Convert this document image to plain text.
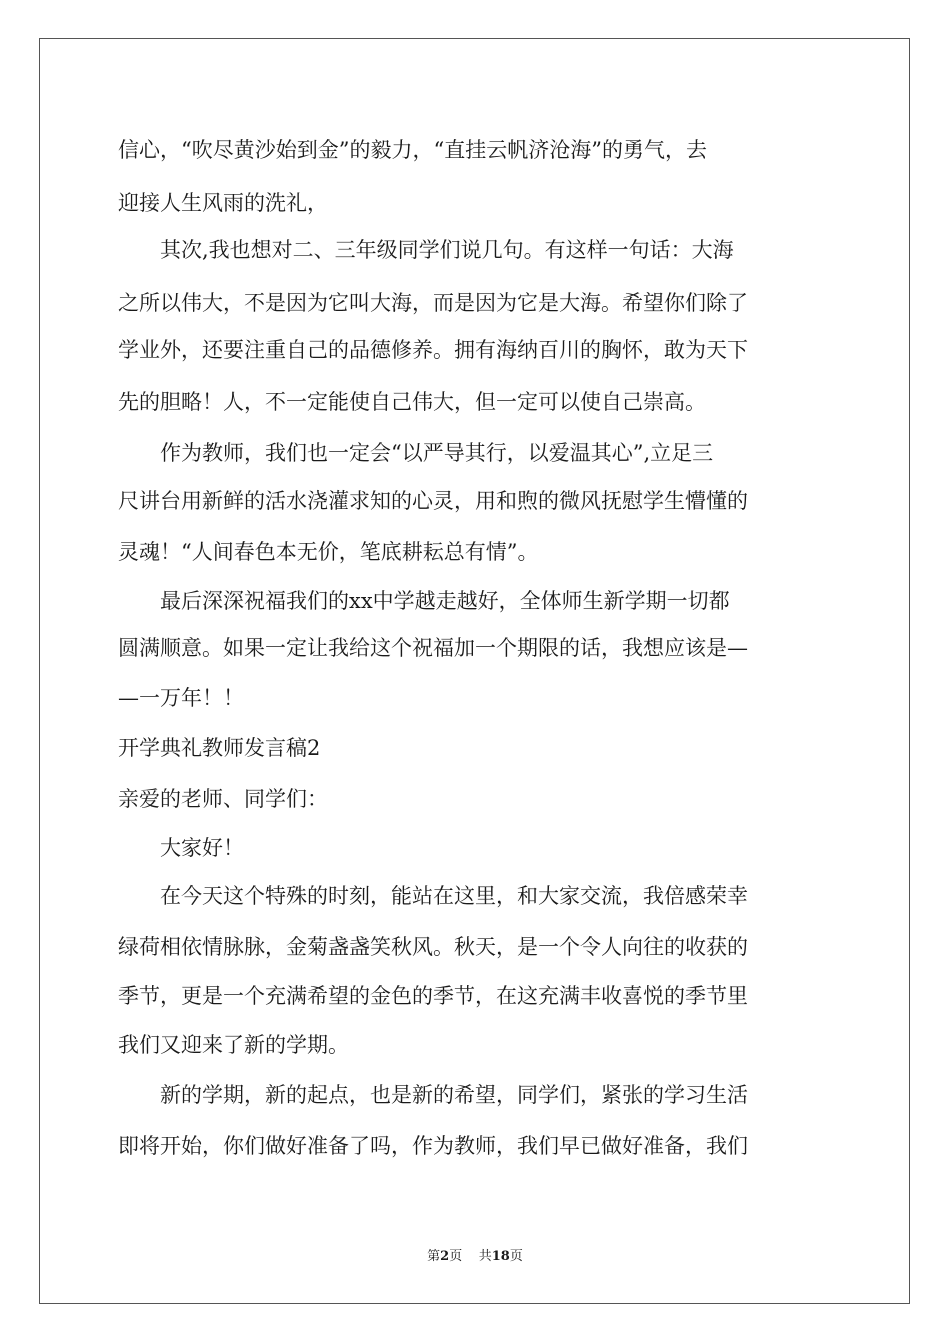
信心，“吹尽黄沙始到金”的毅力，“直挂云帆济沧海”的勇气，去
迎接人生风雨的洗礼，
　　其次,我也想对二、三年级同学们说几句。有这样一句话：大海
之所以伟大，不是因为它叫大海，而是因为它是大海。希望你们除了
学业外，还要注重自己的品德修养。拥有海纳百川的胸怀，敢为天下
先的胆略！人，不一定能使自己伟大，但一定可以使自己崇高。
　　作为教师，我们也一定会“以严导其行，以爱温其心”,立足三
尺讲台用新鲜的活水浇灌求知的心灵，用和煦的微风抚慰学生懵懂的
灵魂！“人间春色本无价，笔底耕耘总有情”。
　　最后深深祝福我们的xx中学越走越好，全体师生新学期一切都
圆满顺意。如果一定让我给这个祝福加一个期限的话，我想应该是—
—一万年！！
开学典礼教师发言稿2
亲爱的老师、同学们：
　　大家好！
　　在今天这个特殊的时刻，能站在这里，和大家交流，我倍感荣幸
绿荷相依情脉脉，金菊盏盏笑秋风。秋天，是一个令人向往的收获的
季节，更是一个充满希望的金色的季节，在这充满丰收喜悦的季节里
我们又迎来了新的学期。
　　新的学期，新的起点，也是新的希望，同学们，紧张的学习生活
即将开始，你们做好准备了吗，作为教师，我们早已做好准备，我们
第2页 共18页
